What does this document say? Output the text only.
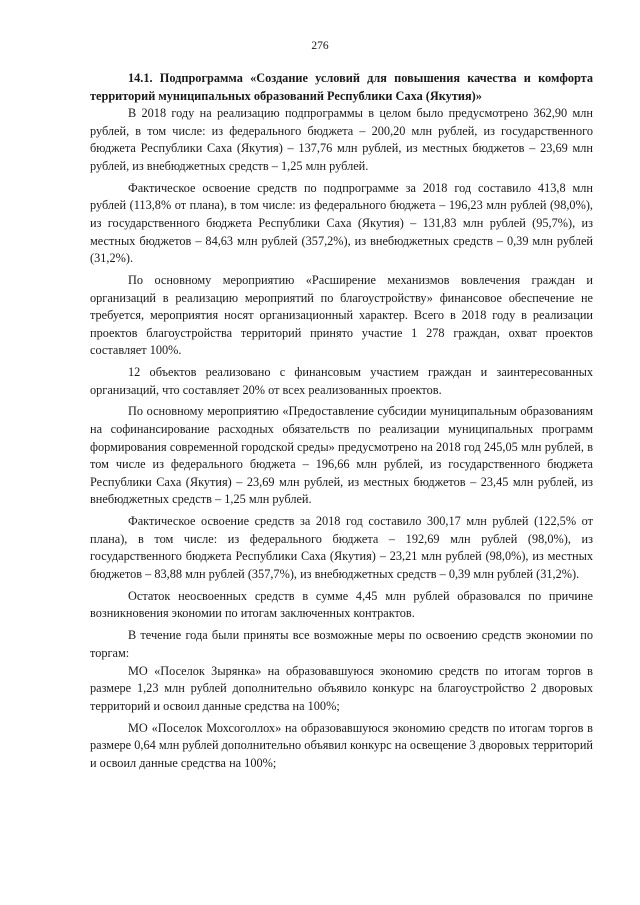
276

14.1. Подпрограмма «Создание условий для повышения качества и комфорта территорий муниципальных образований Республики Саха (Якутия)»

В 2018 году на реализацию подпрограммы в целом было предусмотрено 362,90 млн рублей, в том числе: из федерального бюджета – 200,20 млн рублей, из государственного бюджета Республики Саха (Якутия) – 137,76 млн рублей, из местных бюджетов – 23,69 млн рублей, из внебюджетных средств – 1,25 млн рублей.

Фактическое освоение средств по подпрограмме за 2018 год составило 413,8 млн рублей (113,8% от плана), в том числе: из федерального бюджета – 196,23 млн рублей (98,0%), из государственного бюджета Республики Саха (Якутия) – 131,83 млн рублей (95,7%), из местных бюджетов – 84,63 млн рублей (357,2%), из внебюджетных средств – 0,39 млн рублей (31,2%).

По основному мероприятию «Расширение механизмов вовлечения граждан и организаций в реализацию мероприятий по благоустройству» финансовое обеспечение не требуется, мероприятия носят организационный характер. Всего в 2018 году в реализации проектов благоустройства территорий принято участие 1 278 граждан, охват проектов составляет 100%.

12 объектов реализовано с финансовым участием граждан и заинтересованных организаций, что составляет 20% от всех реализованных проектов.

По основному мероприятию «Предоставление субсидии муниципальным образованиям на софинансирование расходных обязательств по реализации муниципальных программ формирования современной городской среды» предусмотрено на 2018 год 245,05 млн рублей, в том числе из федерального бюджета – 196,66 млн рублей, из государственного бюджета Республики Саха (Якутия) – 23,69 млн рублей, из местных бюджетов – 23,45 млн рублей, из внебюджетных средств – 1,25 млн рублей.

Фактическое освоение средств за 2018 год составило 300,17 млн рублей (122,5% от плана), в том числе: из федерального бюджета – 192,69 млн рублей (98,0%), из государственного бюджета Республики Саха (Якутия) – 23,21 млн рублей (98,0%), из местных бюджетов – 83,88 млн рублей (357,7%), из внебюджетных средств – 0,39 млн рублей (31,2%).

Остаток неосвоенных средств в сумме 4,45 млн рублей образовался по причине возникновения экономии по итогам заключенных контрактов.

В течение года были приняты все возможные меры по освоению средств экономии по торгам:

МО «Поселок Зырянка» на образовавшуюся экономию средств по итогам торгов в размере 1,23 млн рублей дополнительно объявило конкурс на благоустройство 2 дворовых территорий и освоил данные средства на 100%;

МО «Поселок Мохсоголлох» на образовавшуюся экономию средств по итогам торгов в размере 0,64 млн рублей дополнительно объявил конкурс на освещение 3 дворовых территорий и освоил данные средства на 100%;
